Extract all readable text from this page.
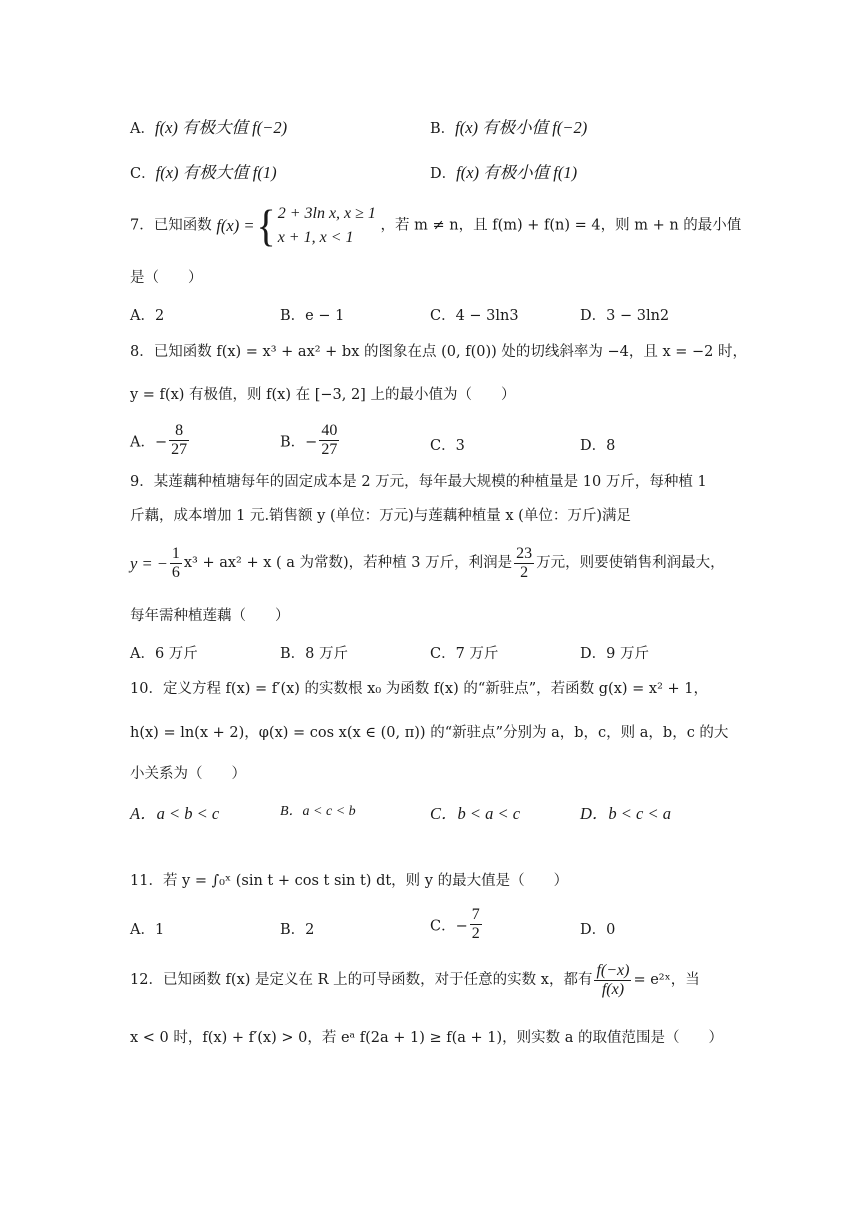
A．f(x) 有极大值 f(−2)	B．f(x) 有极小值 f(−2)
C．f(x) 有极大值 f(1)	D．f(x) 有极小值 f(1)
7．已知函数 f(x) ={ 2 + 3ln x, x ≥ 1
x + 1, x < 1
，若 m ≠ n，且 f(m) + f(n) = 4，则 m + n 的最小值
是（　　）
A．2	B．e − 1	C．4 − 3ln3	D．3 − 3ln2
8．已知函数 f(x) = x³ + ax² + bx 的图象在点 (0, f(0)) 处的切线斜率为 −4，且 x = −2 时，
y = f(x) 有极值，则 f(x) 在 [−3, 2] 上的最小值为（　　）
A．− $\frac{8}{27}$	B．− $\frac{40}{27}$	C．3	D．8
9．某莲藕种植塘每年的固定成本是 2 万元，每年最大规模的种植量是 10 万斤，每种植 1
斤藕，成本增加 1 元.销售额 y (单位：万元)与莲藕种植量 x (单位：万斤)满足
y = − $\frac{1}{6} x^3 + ax^2 + x$ ( a 为常数)，若种植 3 万斤，利润是 $\frac{23}{2}$ 万元，则要使销售利润最大，
每年需种植莲藕（　　）
A．6 万斤	B．8 万斤	C．7 万斤	D．9 万斤
10．定义方程 f(x) = f′(x) 的实数根 x₀ 为函数 f(x) 的“新驻点”，若函数 g(x) = x² + 1，
h(x) = ln(x + 2)，φ(x) = cos x(x ∈ (0, π)) 的“新驻点”分别为 a，b，c，则 a，b，c 的大
小关系为（　　）
A．a < b < c	B．a < c < b	C．b < a < c	D．b < c < a
11．若 y = ∫₀ˣ (sin t + cos t sin t) dt，则 y 的最大值是（　　）
A．1	B．2	C．− $\frac{7}{2}$	D．0
12．已知函数 f(x) 是定义在 R 上的可导函数，对于任意的实数 x，都有 $\frac{f(-x)}{f(x)}$ = e²ˣ，当
x < 0 时，f(x) + f′(x) > 0，若 eᵃ f(2a + 1) ≥ f(a + 1)，则实数 a 的取值范围是（　　）
